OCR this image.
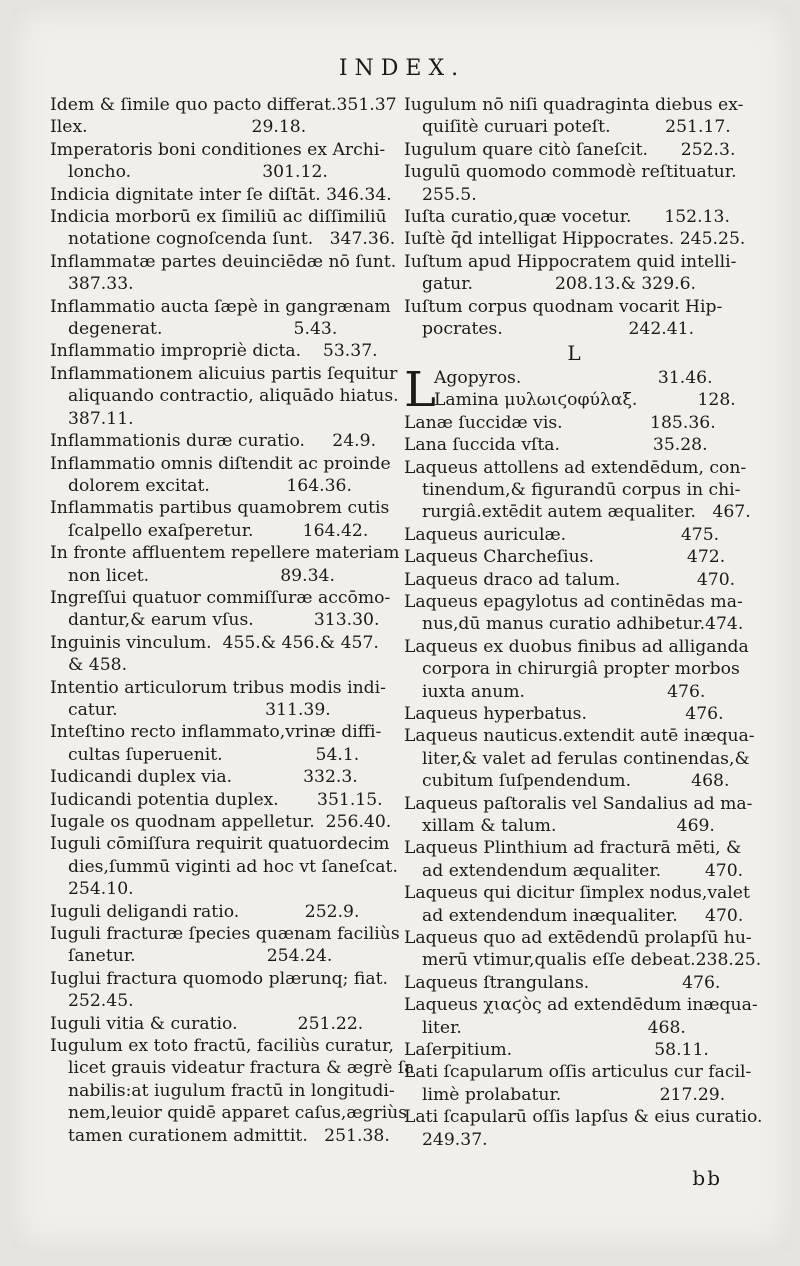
INDEX.
Idem & ſimile quo pacto differat.351.37
Ilex.                              29.18.
Imperatoris boni conditiones ex Archi-
loncho.                        301.12.
Indicia dignitate inter ſe diſtāt. 346.34.
Indicia morborū ex ſimiliū ac diſſimiliū
notatione cognoſcenda ſunt.   347.36.
Inflammatæ partes deuinciēdæ nō ſunt.
387.33.
Inflammatio aucta ſæpè in gangrænam
degenerat.                        5.43.
Inflammatio impropriè dicta.    53.37.
Inflammationem alicuius partis ſequitur
aliquando contractio, aliquādo hiatus.
387.11.
Inflammationis duræ curatio.     24.9.
Inflammatio omnis diſtendit ac proinde
dolorem excitat.              164.36.
Inflammatis partibus quamobrem cutis
ſcalpello exaſperetur.         164.42.
In fronte affluentem repellere materiam
non licet.                        89.34.
Ingreſſui quatuor commiſſuræ accōmo-
dantur,& earum vſus.           313.30.
Inguinis vinculum.  455.& 456.& 457.
& 458.
Intentio articulorum tribus modis indi-
catur.                           311.39.
Inteſtino recto inflammato,vrinæ diffi-
cultas ſuperuenit.                 54.1.
Iudicandi duplex via.             332.3.
Iudicandi potentia duplex.       351.15.
Iugale os quodnam appelletur.  256.40.
Iuguli cōmiſſura requirit quatuordecim
dies,ſummū viginti ad hoc vt ſaneſcat.
254.10.
Iuguli deligandi ratio.            252.9.
Iuguli fracturæ ſpecies quænam faciliùs
ſanetur.                        254.24.
Iuglui fractura quomodo plærunq; fiat.
252.45.
Iuguli vitia & curatio.           251.22.
Iugulum ex toto fractū, faciliùs curatur,
licet grauis videatur fractura & ægrè ſa
nabilis:at iugulum fractū in longitudi-
nem,leuior quidē apparet caſus,ægriùs
tamen curationem admittit.   251.38.
Iugulum nō niſi quadraginta diebus ex-
quiſitè curuari poteſt.          251.17.
Iugulum quare citò ſaneſcit.      252.3.
Iugulū quomodo commodè reſtituatur.
255.5.
Iuſta curatio,quæ vocetur.      152.13.
Iuſtè q̄d intelligat Hippocrates. 245.25.
Iuſtum apud Hippocratem quid intelli-
gatur.               208.13.& 329.6.
Iuſtum corpus quodnam vocarit Hip-
pocrates.                       242.41.
L
L
Agopyros.                         31.46.
Lamina μυλωιϛοφύλαξ.           128.
Lanæ ſuccidæ vis.                185.36.
Lana ſuccida vſta.                 35.28.
Laqueus attollens ad extendēdum, con-
tinendum,& figurandū corpus in chi-
rurgiâ.extēdit autem æqualiter.   467.
Laqueus auriculæ.                     475.
Laqueus Charcheſius.                 472.
Laqueus draco ad talum.              470.
Laqueus epagylotus ad continēdas ma-
nus,dū manus curatio adhibetur.474.
Laqueus ex duobus finibus ad alliganda
corpora in chirurgiâ propter morbos
iuxta anum.                          476.
Laqueus hyperbatus.                  476.
Laqueus nauticus.extendit autē inæqua-
liter,& valet ad ferulas continendas,&
cubitum ſuſpendendum.           468.
Laqueus paſtoralis vel Sandalius ad ma-
xillam & talum.                      469.
Laqueus Plinthium ad fracturā mēti, &
ad extendendum æqualiter.        470.
Laqueus qui dicitur ſimplex nodus,valet
ad extendendum inæqualiter.     470.
Laqueus quo ad extēdendū prolapſū hu-
merū vtimur,qualis eſſe debeat.238.25.
Laqueus ſtrangulans.                 476.
Laqueus χιαϛὸς ad extendēdum inæqua-
liter.                                  468.
Laſerpitium.                          58.11.
Lati ſcapularum oſſis articulus cur facil-
limè prolabatur.                  217.29.
Lati ſcapularū oſſis lapſus & eius curatio.
249.37.
bb
